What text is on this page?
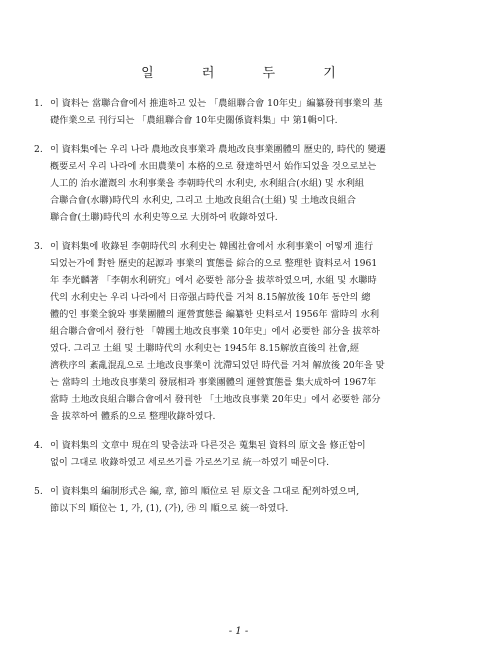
일 러 두 기
1. 이 資料는 當聯合會에서 推進하고 있는 「農組聯合會 10年史」編纂發刊事業의 基
礎作業으로 刊行되는 「農組聯合會 10年史關係資料集」中 第1輯이다.
2. 이 資料集에는 우리 나라 農地改良事業과 農地改良事業團體의 歷史的, 時代的 變遷
槪要로서 우리 나라에 水田農業이 本格的으로 發達하면서 始作되었을 것으로보는
人工的 治水灌漑의 水利事業을 李朝時代의 水利史, 水利組合(水組) 및 水利組
合聯合會(水聯)時代의 水利史, 그리고 土地改良組合(土組) 및 土地改良組合
聯合會(土聯)時代의 水利史等으로 大別하여 收錄하였다.
3. 이 資料集에 收錄된 李朝時代의 水利史는 韓國社會에서 水利事業이 어떻게 進行
되었는가에 對한 歷史的起源과 事業의 實態를 綜合的으로 整理한 資料로서 1961
年 李光麟著 「李朝水利硏究」에서 必要한 部分을 拔萃하였으며, 水組 및 水聯時
代의 水利史는 우리 나라에서 日帝强占時代를 거쳐 8.15解放後 10年 동안의 總
體的인 事業全貌와 事業團體의 運營實態를 編纂한 史料로서 1956年 當時의 水利
組合聯合會에서 發行한 「韓國土地改良事業 10年史」에서 必要한 部分을 拔萃하
였다. 그리고 土組 및 土聯時代의 水利史는 1945年 8.15解放直後의 社會,經
濟秩序의 紊亂混乱으로 土地改良事業이 沈滯되었던 時代를 거쳐 解放後 20年을 맞
는 當時의 土地改良事業의 發展相과 事業團體의 運營實態를 集大成하여 1967年
當時 土地改良組合聯合會에서 發刊한 「土地改良事業 20年史」에서 必要한 部分
을 拔萃하여 體系的으로 整理收錄하였다.
4. 이 資料集의 文章中 現在의 맞춤法과 다른것은 蒐集된 資料의 原文을 修正함이
없이 그대로 收錄하였고 세로쓰기를 가로쓰기로 統一하였기 때문이다.
5. 이 資料集의 編制形式은 編, 章, 節의 順位로 된 原文을 그대로 配列하였으며,
節以下의 順位는 1, 가, (1), (가), ㉮ 의 順으로 統一하였다.
- 1 -
